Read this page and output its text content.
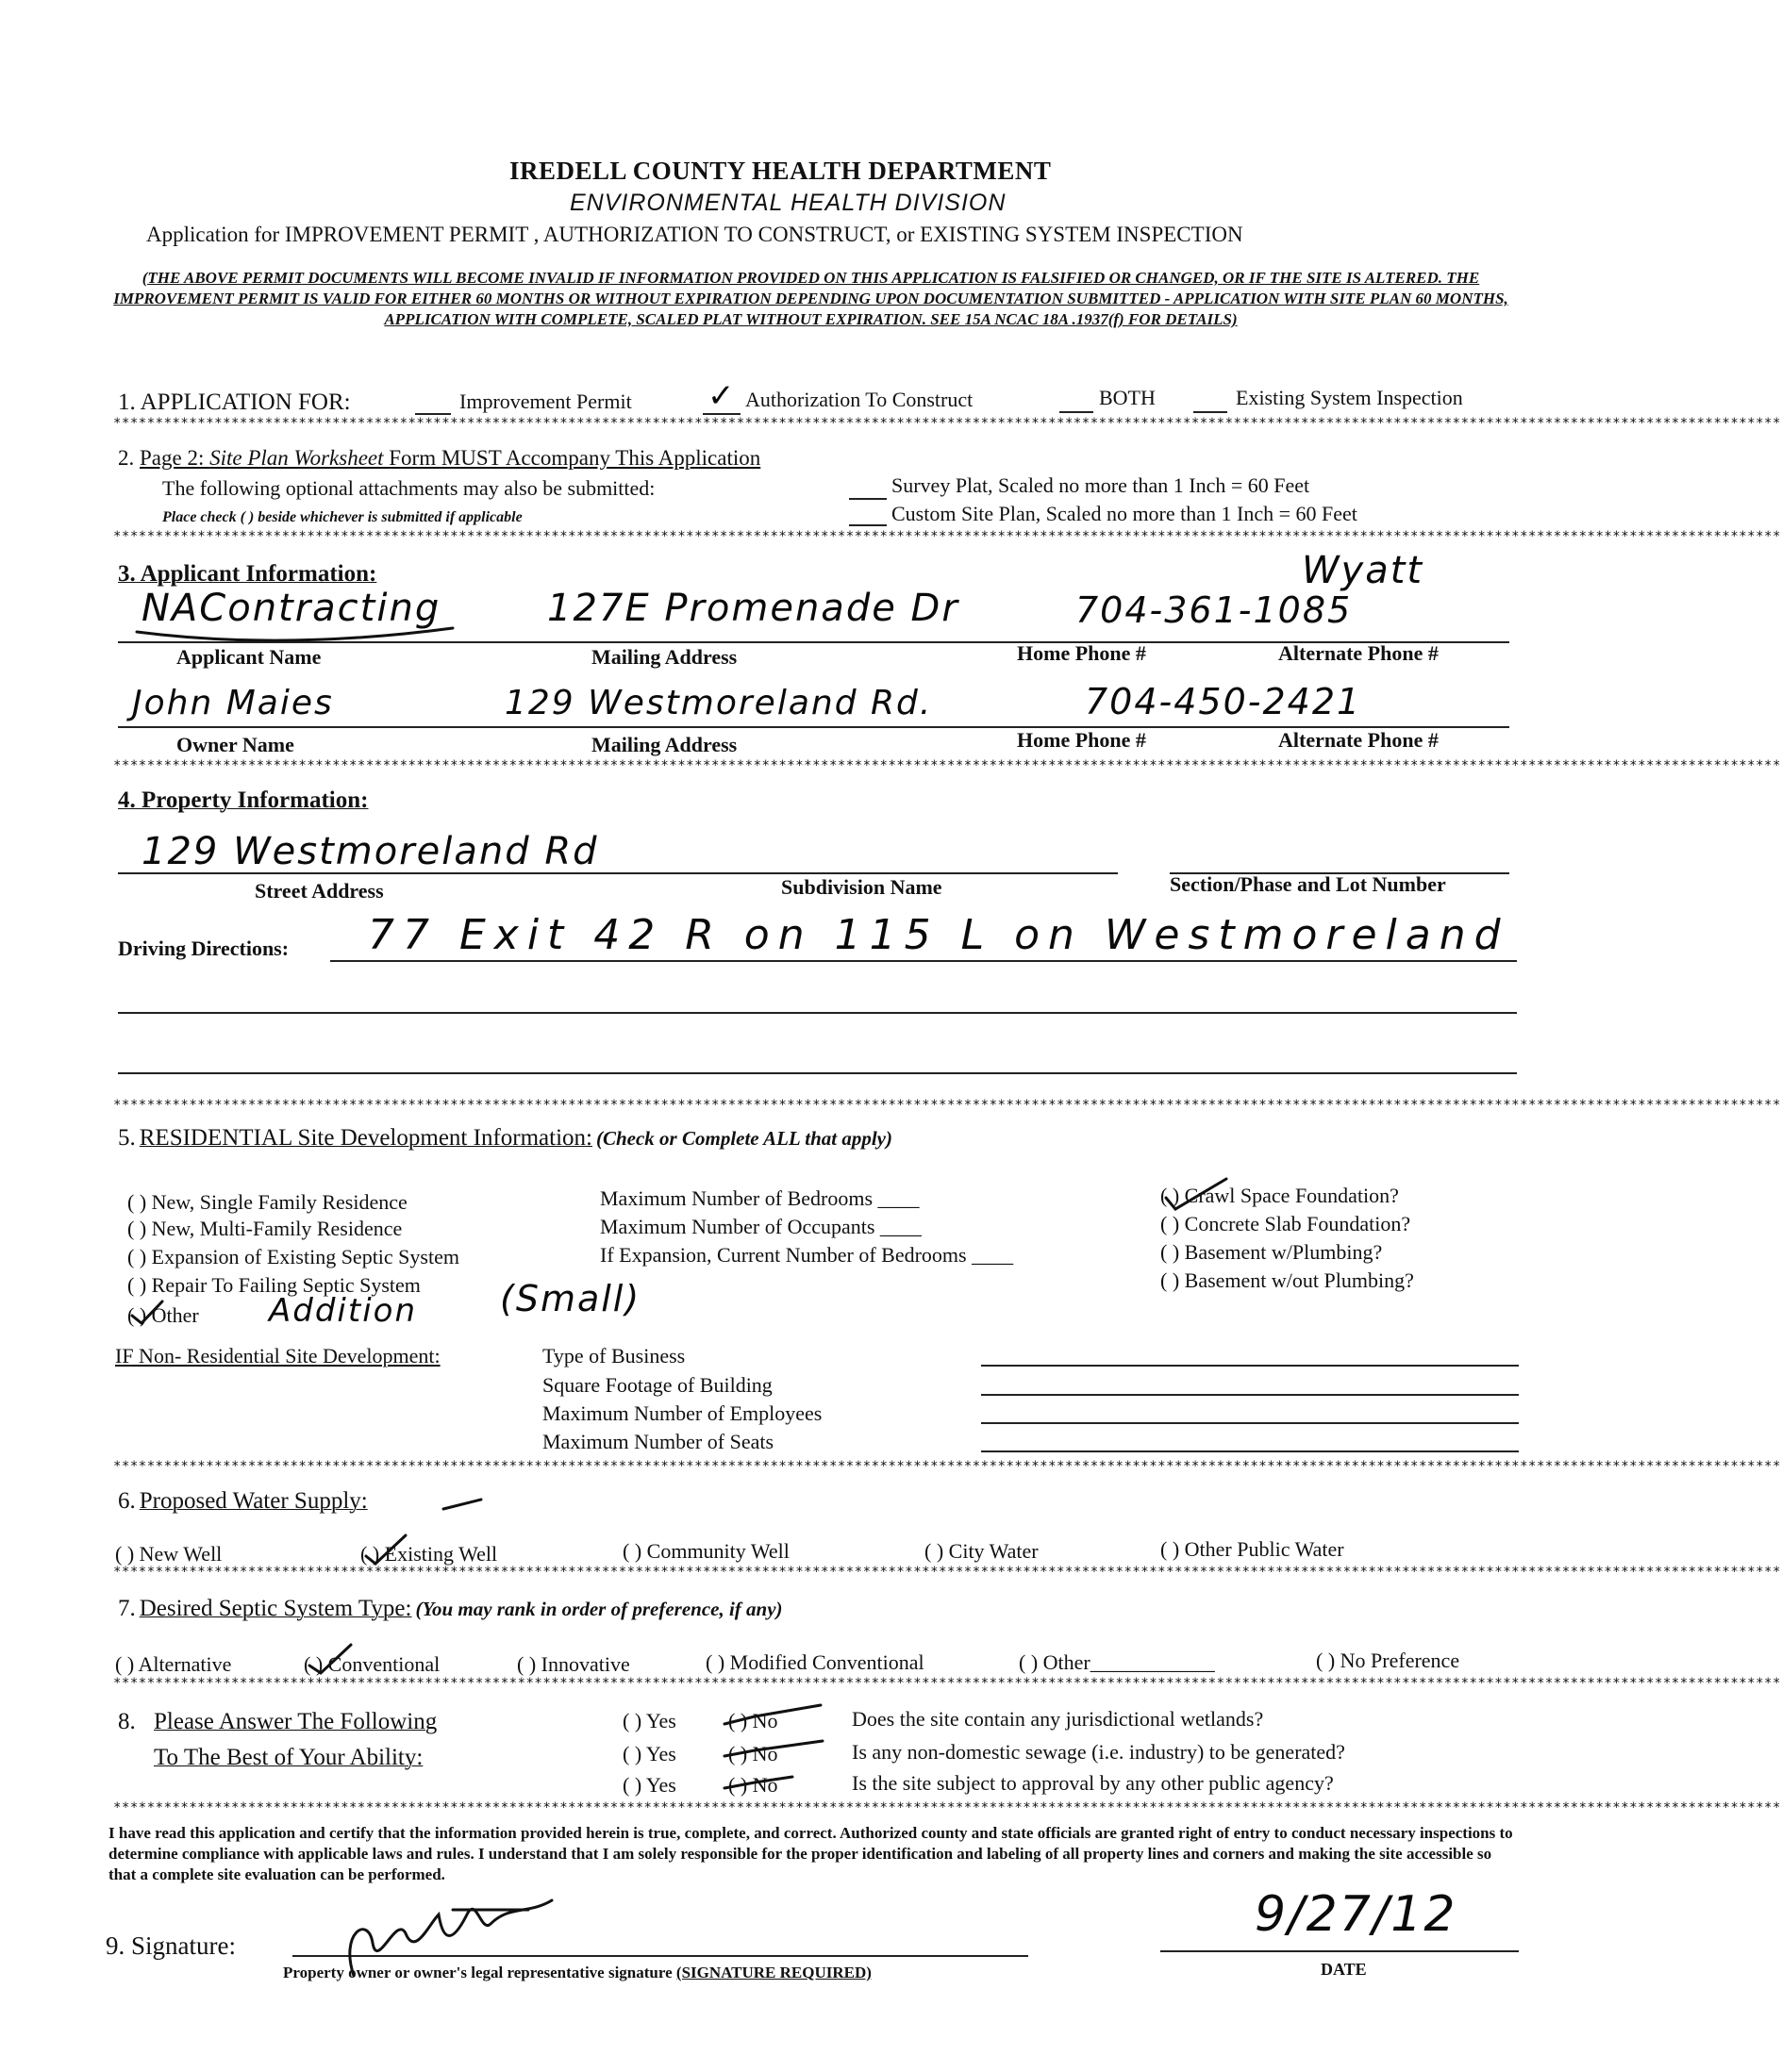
IREDELL COUNTY HEALTH DEPARTMENT
ENVIRONMENTAL HEALTH DIVISION
Application for IMPROVEMENT PERMIT , AUTHORIZATION TO CONSTRUCT, or EXISTING SYSTEM INSPECTION
(THE ABOVE PERMIT DOCUMENTS WILL BECOME INVALID IF INFORMATION PROVIDED ON THIS APPLICATION IS FALSIFIED OR CHANGED, OR IF THE SITE IS ALTERED. THE IMPROVEMENT PERMIT IS VALID FOR EITHER 60 MONTHS OR WITHOUT EXPIRATION DEPENDING UPON DOCUMENTATION SUBMITTED - APPLICATION WITH SITE PLAN 60 MONTHS, APPLICATION WITH COMPLETE, SCALED PLAT WITHOUT EXPIRATION. SEE 15A NCAC 18A .1937(f) FOR DETAILS)
1. APPLICATION FOR:	Improvement Permit ✓ Authorization To Construct	BOTH	Existing System Inspection
******************************************************************************************************************************************************************************************************
2. Page 2: Site Plan Worksheet Form MUST Accompany This Application
The following optional attachments may also be submitted:
Place check ( ) beside whichever is submitted if applicable
Survey Plat, Scaled no more than 1 Inch = 60 Feet
Custom Site Plan, Scaled no more than 1 Inch = 60 Feet
******************************************************************************************************************************************************************************************************
3. Applicant Information:
NAContracting	127E Promenade Dr	704-361-1085
Wyatt
Applicant Name	Mailing Address	Home Phone #	Alternate Phone #
John Maies	129 Westmoreland Rd.	704-450-2421
Owner Name	Mailing Address	Home Phone #	Alternate Phone #
******************************************************************************************************************************************************************************************************
4. Property Information:
129 Westmoreland Rd
Street Address	Subdivision Name	Section/Phase and Lot Number
Driving Directions: 77 Exit 42 R on 115 L on Westmoreland
******************************************************************************************************************************************************************************************************
5. RESIDENTIAL Site Development Information: (Check or Complete ALL that apply)
( ) New, Single Family Residence
( ) New, Multi-Family Residence
( ) Expansion of Existing Septic System
( ) Repair To Failing Septic System
( ) Other Addition (Small)
Maximum Number of Bedrooms ____
Maximum Number of Occupants ____
If Expansion, Current Number of Bedrooms ____
( ) Crawl Space Foundation?
( ) Concrete Slab Foundation?
( ) Basement w/Plumbing?
( ) Basement w/out Plumbing?
IF Non- Residential Site Development:	Type of Business
Square Footage of Building
Maximum Number of Employees
Maximum Number of Seats
******************************************************************************************************************************************************************************************************
6. Proposed Water Supply:
( ) New Well	( ) Existing Well	( ) Community Well	( ) City Water	( ) Other Public Water
******************************************************************************************************************************************************************************************************
7. Desired Septic System Type: (You may rank in order of preference, if any)
( ) Alternative	( ) Conventional	( ) Innovative	( ) Modified Conventional	( ) Other____________	( ) No Preference
******************************************************************************************************************************************************************************************************
8. Please Answer The Following
To The Best of Your Ability:
( ) Yes	( ) No	Does the site contain any jurisdictional wetlands?
( ) Yes	( ) No	Is any non-domestic sewage (i.e. industry) to be generated?
( ) Yes	( ) No	Is the site subject to approval by any other public agency?
******************************************************************************************************************************************************************************************************
I have read this application and certify that the information provided herein is true, complete, and correct. Authorized county and state officials are granted right of entry to conduct necessary inspections to determine compliance with applicable laws and rules. I understand that I am solely responsible for the proper identification and labeling of all property lines and corners and making the site accessible so that a complete site evaluation can be performed.
9. Signature:
Property owner or owner's legal representative signature (SIGNATURE REQUIRED)
9/27/12
DATE
